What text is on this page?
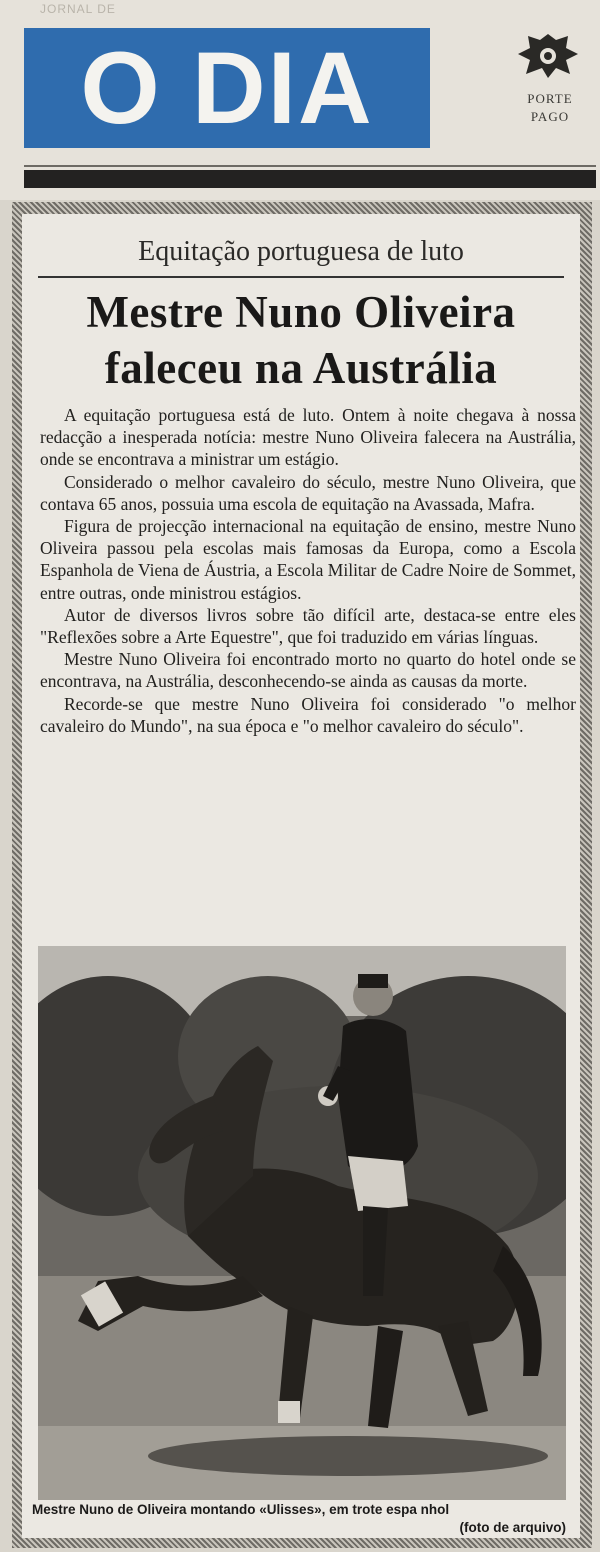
JORNAL DE
O DIA	PORTE
PAGO
Equitação portuguesa de luto
Mestre Nuno Oliveira
faleceu na Austrália

A equitação portuguesa está de luto. Ontem à noite chegava à nossa redacção a inesperada notícia: mestre Nuno Oliveira falecera na Austrália, onde se encontrava a ministrar um estágio.

Considerado o melhor cavaleiro do século, mestre Nuno Oliveira, que contava 65 anos, possuia uma escola de equitação na Avassada, Mafra.

Figura de projecção internacional na equitação de ensino, mestre Nuno Oliveira passou pela escolas mais famosas da Europa, como a Escola Espanhola de Viena de Áustria, a Escola Militar de Cadre Noire de Sommet, entre outras, onde ministrou estágios.

Autor de diversos livros sobre tão difícil arte, destaca-se entre eles "Reflexões sobre a Arte Equestre", que foi traduzido em várias línguas.

Mestre Nuno Oliveira foi encontrado morto no quarto do hotel onde se encontrava, na Austrália, desconhecendo-se ainda as causas da morte.

Recorde-se que mestre Nuno Oliveira foi considerado "o melhor cavaleiro do Mundo", na sua época e "o melhor cavaleiro do século".

Mestre Nuno de Oliveira montando «Ulisses», em trote espa nhol
(foto de arquivo)
